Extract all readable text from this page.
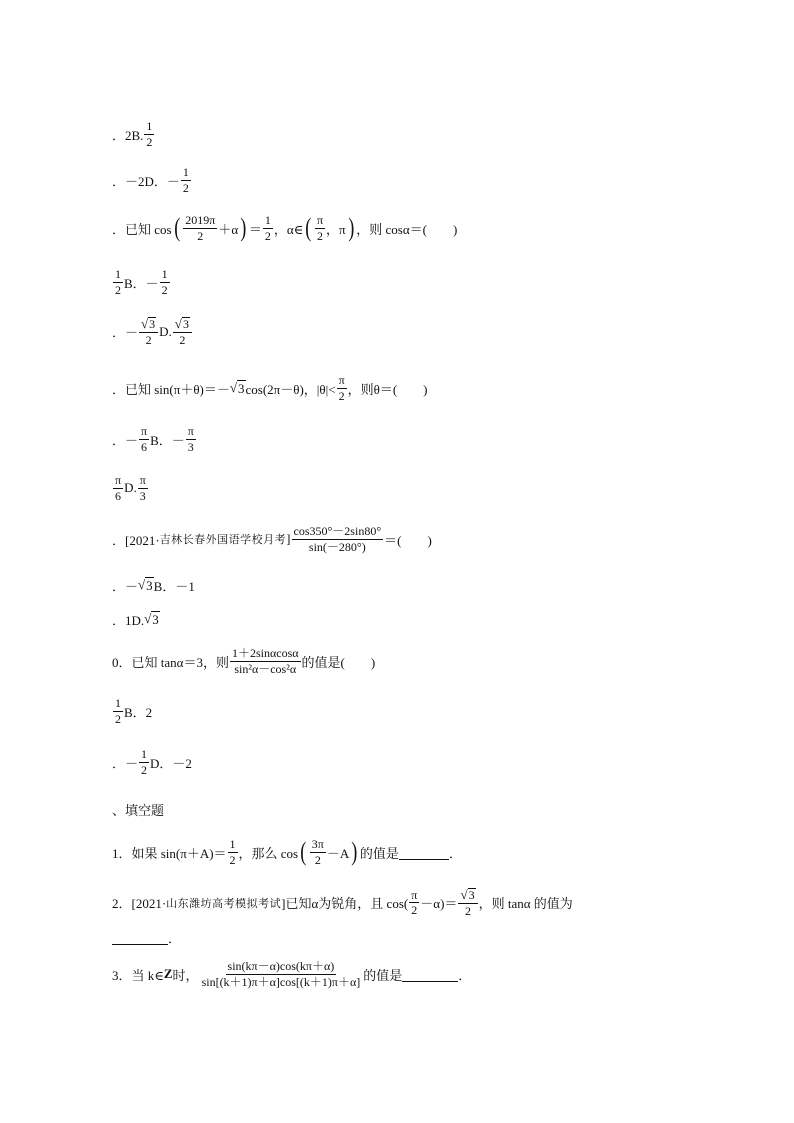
．2B. $\frac{1}{2}$
．－2D．－ $\frac{1}{2}$
．已知 cos ( $\frac{2019\pi}{2} +\alpha$ ) ＝ $\frac{1}{2}$ ，α∈ ( $\frac{\pi}{2}$ ，π ) ，则 cosα＝(　　)
$\frac{1}{2}$ B．－ $\frac{1}{2}$
．－ $\frac{√ 3}{2} D$. $\frac{√ 3}{2}$
．已知 sin(π＋θ)＝－ √ 3 cos(2π－θ)，$|\theta|< \frac{\pi}{2}$ ，则θ＝(　　)
．－ $\frac{\pi}{6}$ B．－ $\frac{\pi}{3}$
$\frac{\pi}{6} D$. $\frac{\pi}{3}$
．[2021· 吉林长春外国语学校月考 ] $\frac{\cos 350^\circ-2\sin 80^\circ}{\sin(-280^\circ)}$ ＝(　　)
．－ √ 3 B．－1
．1D. √ 3
0．已知 tanα＝3，则 $\frac{1+2\sin\alpha\cos\alpha}{\text{sin²α－cos²α}}$ 的值是(　　)
$\frac{1}{2}$ B．2
．－ $\frac{1}{2}$ D．－2
、填空题
1．如果 $\sin(\pi+A)= \frac{1}{2}$ ，那么 cos ( $\frac{3\pi}{2} -A$ ) 的值是	．
2．[2021· 山东潍坊高考模拟考试 ]已知α为锐角，且 $\cos( \frac{\pi}{2} -\alpha)= \frac{√ 3}{2}$ ，则 tanα 的值为
．
3．当 k∈ Z 时， $\frac{\sin(k\pi-\alpha)\cos(k\pi+\alpha)}{\sin[(k+1)\pi+\alpha]\cos[(k+1)\pi+\alpha]}$ 的值是	．
